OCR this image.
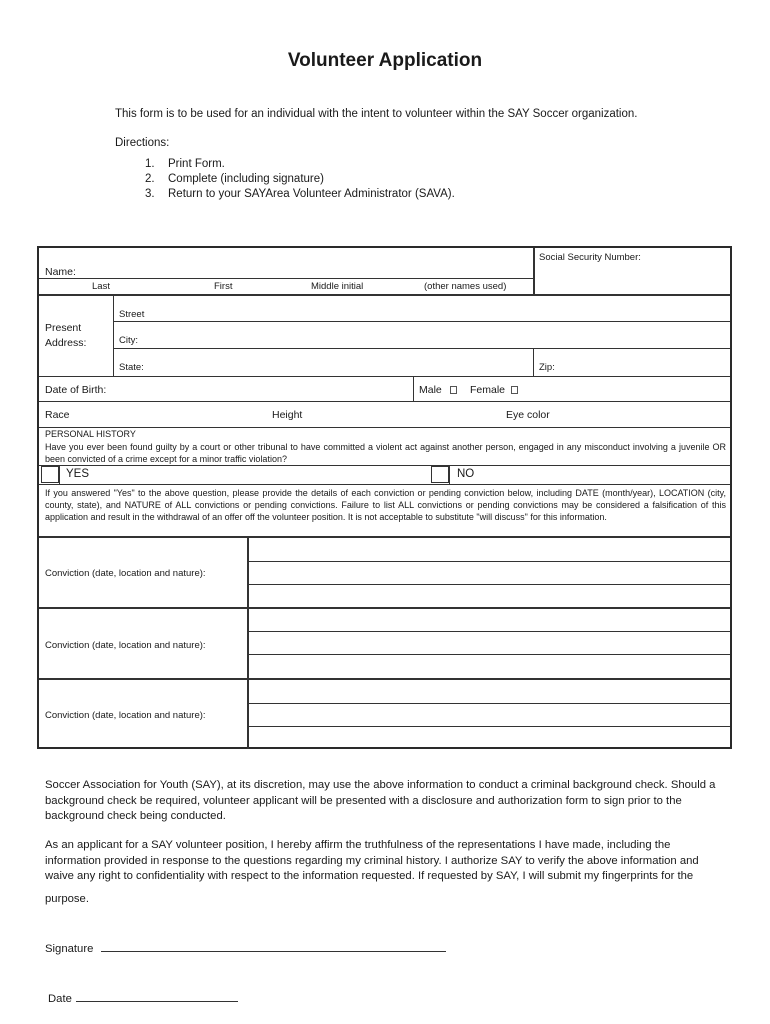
Volunteer Application
This form is to be used for an individual with the intent to volunteer within the SAY Soccer organization.
Directions:
1. Print Form.
2. Complete (including signature)
3. Return to your SAYArea Volunteer Administrator (SAVA).
Social Security Number:
Name:
Last	First	Middle initial	(other names used)
Present
Address:
Street
City:
State:	Zip:
Date of Birth:	Male	Female
Race	Height	Eye color
PERSONAL HISTORY
Have you ever been found guilty by a court or other tribunal to have committed a violent act against another person, engaged in any misconduct involving a juvenile OR been convicted of a crime except for a minor traffic violation?
YES	NO
If you answered "Yes" to the above question, please provide the details of each conviction or pending conviction below, including DATE (month/year), LOCATION (city, county, state), and NATURE of ALL convictions or pending convictions. Failure to list ALL convictions or pending convictions may be considered a falsification of this application and result in the withdrawal of an offer off the volunteer position. It is not acceptable to substitute "will discuss" for this information.
Conviction (date, location and nature):
Conviction (date, location and nature):
Conviction (date, location and nature):
Soccer Association for Youth (SAY), at its discretion, may use the above information to conduct a criminal background check. Should a background check be required, volunteer applicant will be presented with a disclosure and authorization form to sign prior to the background check being conducted.
As an applicant for a SAY volunteer position, I hereby affirm the truthfulness of the representations I have made, including the information provided in response to the questions regarding my criminal history. I authorize SAY to verify the above information and waive any right to confidentiality with respect to the information requested. If requested by SAY, I will submit my fingerprints for the
purpose.
Signature
Date
